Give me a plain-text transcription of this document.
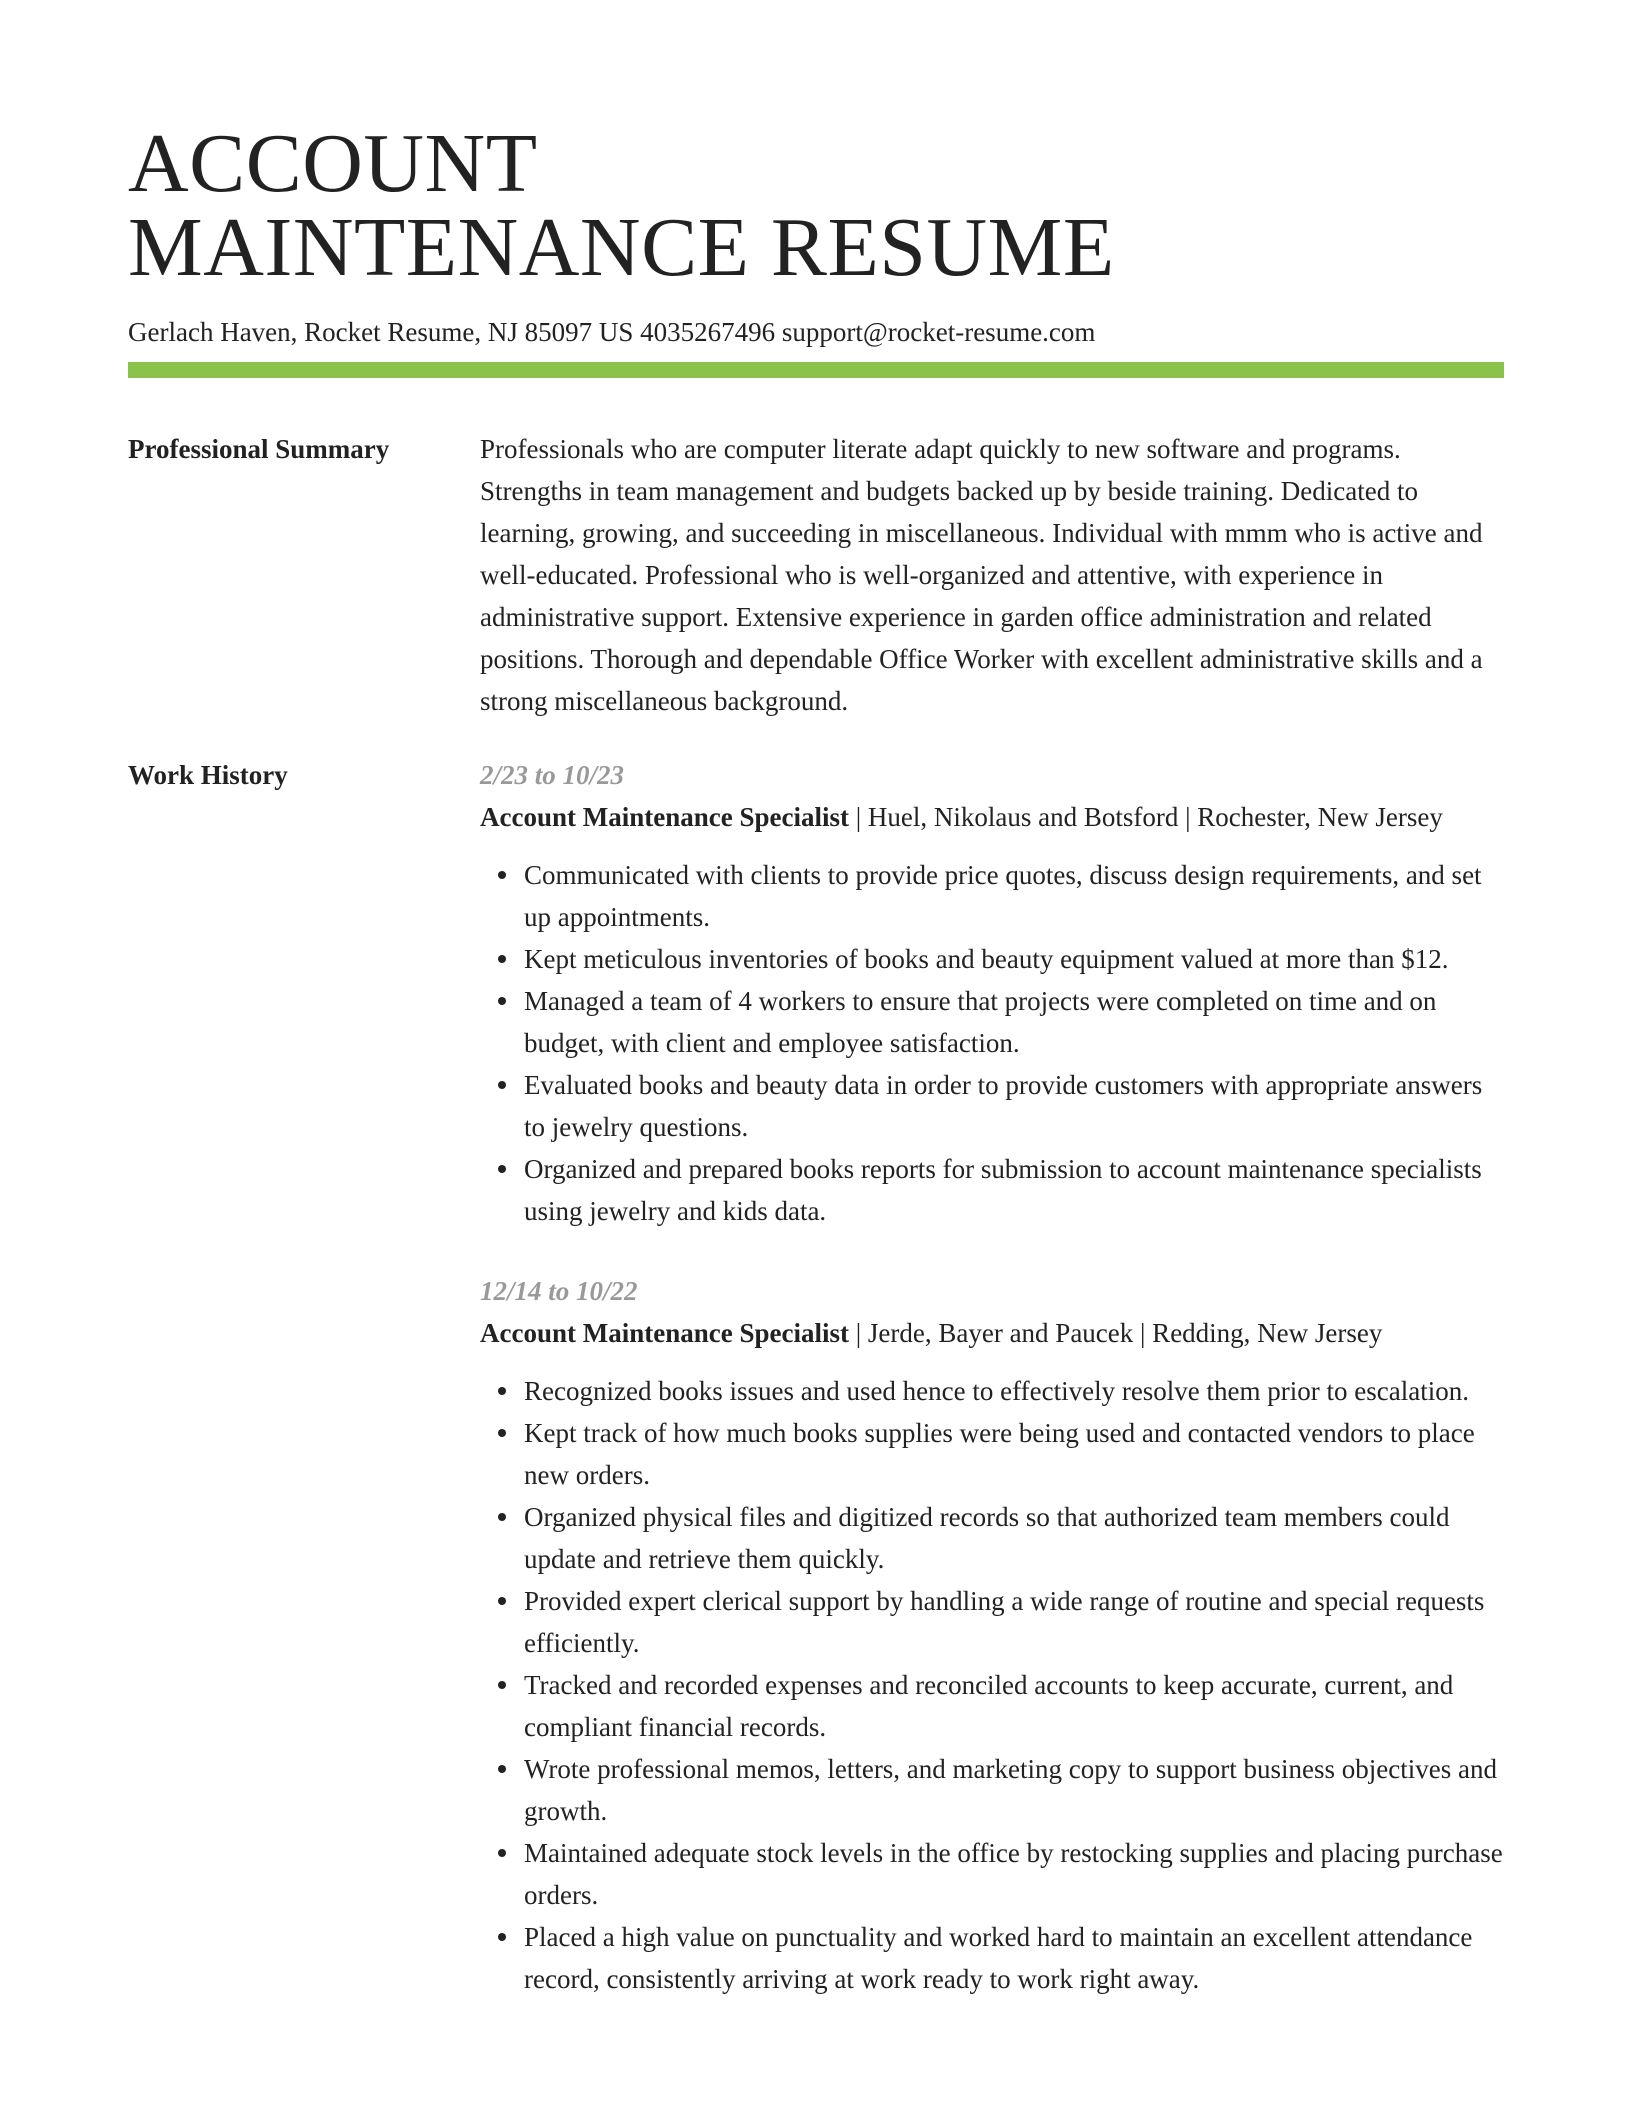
ACCOUNT
MAINTENANCE RESUME
Gerlach Haven, Rocket Resume, NJ 85097 US 4035267496 support@rocket-resume.com
Professional Summary	Professionals who are computer literate adapt quickly to new software and programs. Strengths in team management and budgets backed up by beside training. Dedicated to learning, growing, and succeeding in miscellaneous. Individual with mmm who is active and well-educated. Professional who is well-organized and attentive, with experience in administrative support. Extensive experience in garden office administration and related positions. Thorough and dependable Office Worker with excellent administrative skills and a strong miscellaneous background.

Work History	2/23 to 10/23
Account Maintenance Specialist | Huel, Nikolaus and Botsford | Rochester, New Jersey
Communicated with clients to provide price quotes, discuss design requirements, and set up appointments.
Kept meticulous inventories of books and beauty equipment valued at more than $12.
Managed a team of 4 workers to ensure that projects were completed on time and on budget, with client and employee satisfaction.
Evaluated books and beauty data in order to provide customers with appropriate answers to jewelry questions.
Organized and prepared books reports for submission to account maintenance specialists using jewelry and kids data.
12/14 to 10/22
Account Maintenance Specialist | Jerde, Bayer and Paucek | Redding, New Jersey
Recognized books issues and used hence to effectively resolve them prior to escalation.
Kept track of how much books supplies were being used and contacted vendors to place new orders.
Organized physical files and digitized records so that authorized team members could update and retrieve them quickly.
Provided expert clerical support by handling a wide range of routine and special requests efficiently.
Tracked and recorded expenses and reconciled accounts to keep accurate, current, and compliant financial records.
Wrote professional memos, letters, and marketing copy to support business objectives and growth.
Maintained adequate stock levels in the office by restocking supplies and placing purchase orders.
Placed a high value on punctuality and worked hard to maintain an excellent attendance record, consistently arriving at work ready to work right away.
